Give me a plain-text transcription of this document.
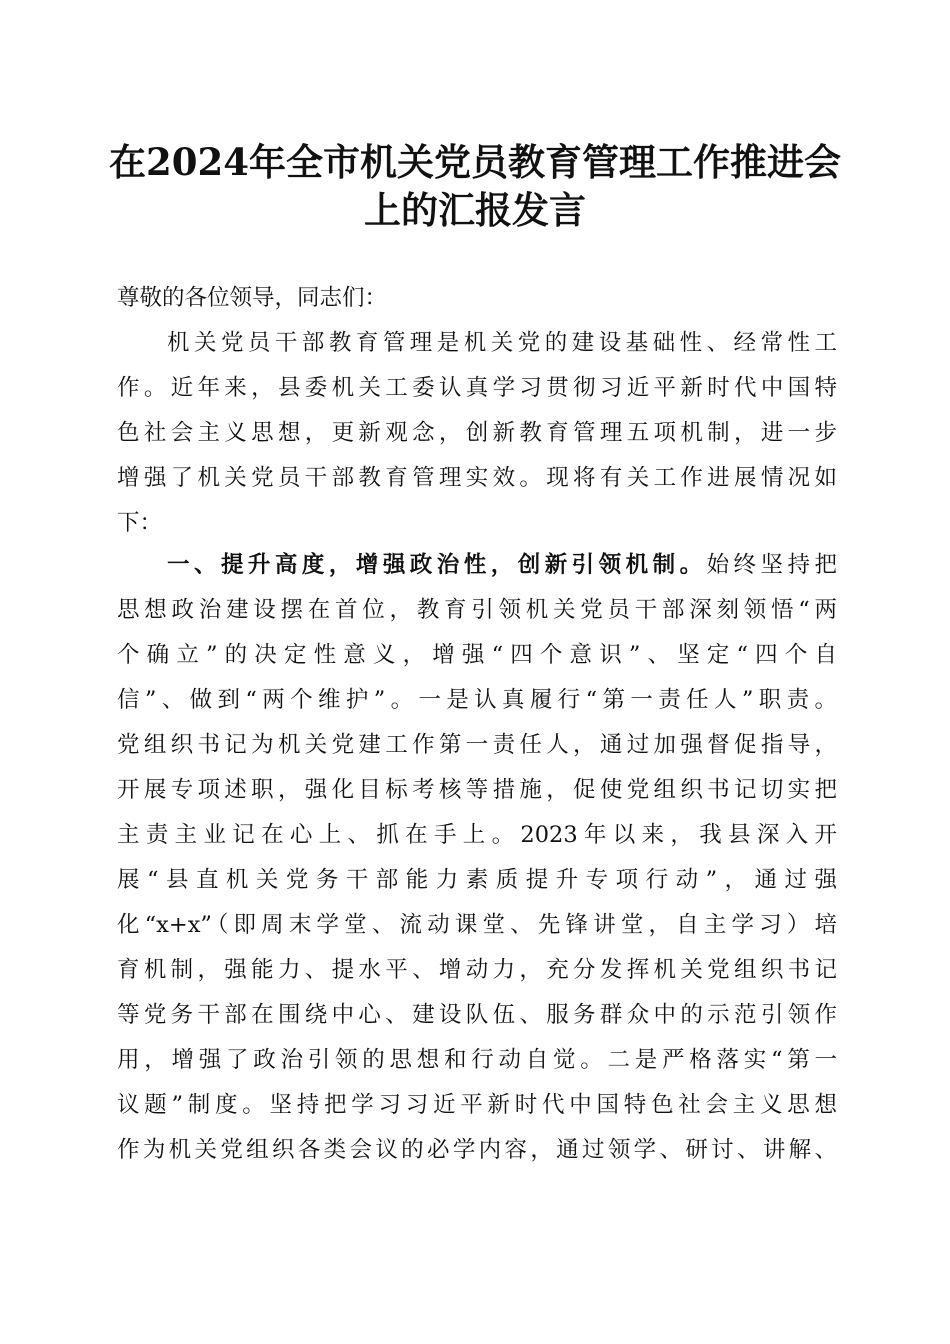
在2024年全市机关党员教育管理工作推进会
上的汇报发言
尊敬的各位领导，同志们：
机关党员干部教育管理是机关党的建设基础性、经常性工
作。近年来，县委机关工委认真学习贯彻习近平新时代中国特
色社会主义思想，更新观念，创新教育管理五项机制，进一步
增强了机关党员干部教育管理实效。现将有关工作进展情况如
下：
一、提升高度，增强政治性，创新引领机制。始终坚持把
思想政治建设摆在首位，教育引领机关党员干部深刻领悟“两
个确立”的决定性意义，增强“四个意识”、坚定“四个自
信”、做到“两个维护”。一是认真履行“第一责任人”职责。
党组织书记为机关党建工作第一责任人，通过加强督促指导，
开展专项述职，强化目标考核等措施，促使党组织书记切实把
主责主业记在心上、抓在手上。2023年以来，我县深入开
展“县直机关党务干部能力素质提升专项行动”，通过强
化“x+x”（即周末学堂、流动课堂、先锋讲堂，自主学习）培
育机制，强能力、提水平、增动力，充分发挥机关党组织书记
等党务干部在围绕中心、建设队伍、服务群众中的示范引领作
用，增强了政治引领的思想和行动自觉。二是严格落实“第一
议题”制度。坚持把学习习近平新时代中国特色社会主义思想
作为机关党组织各类会议的必学内容，通过领学、研讨、讲解、
